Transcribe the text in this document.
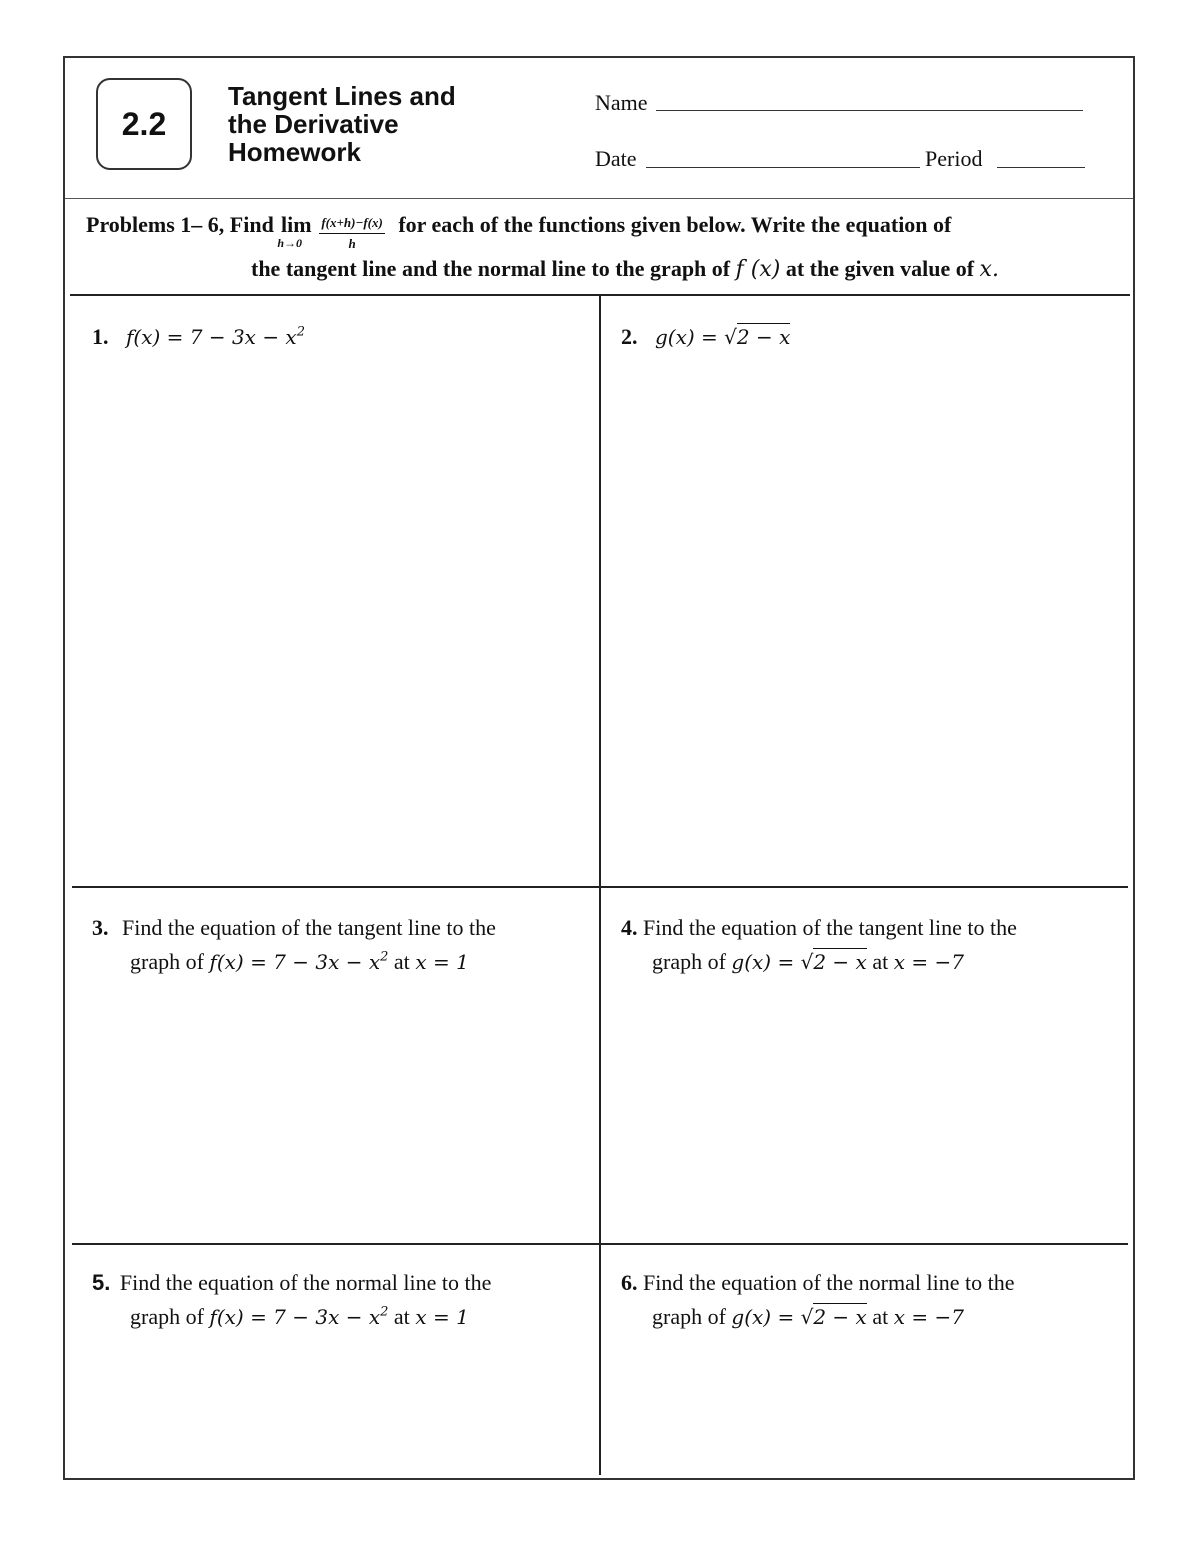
2.2
Tangent Lines and
the Derivative
Homework
Name
Date	Period
Problems 1– 6, Find lim
$h\to 0 \frac{f(x+h)-f(x)}{h}$ for each of the functions given below. Write the equation of
the tangent line and the normal line to the graph of f (x) at the given value of x.
1. $f(x) = 7 - 3x - x^2$	2. g(x) = √2 − x
3. Find the equation of the tangent line to the
graph of $f(x) = 7 - 3x - x^2$ at x = 1
4. Find the equation of the tangent line to the
graph of g(x) = √2 − x at x = −7
5. Find the equation of the normal line to the
graph of $f(x) = 7 - 3x - x^2$ at x = 1
6. Find the equation of the normal line to the
graph of g(x) = √2 − x at x = −7
